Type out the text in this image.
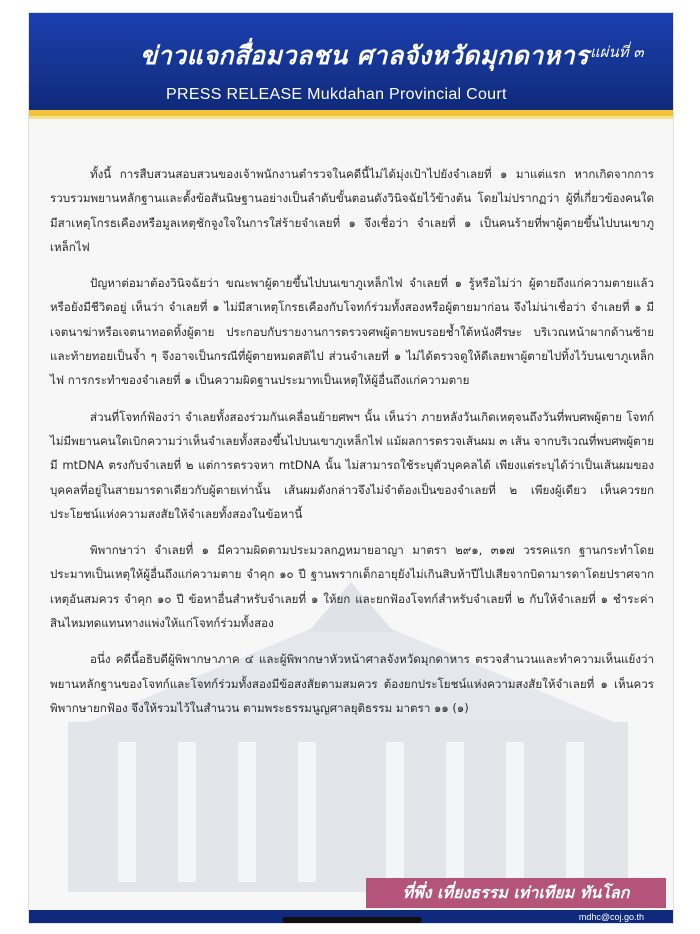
ข่าวแจกสื่อมวลชน ศาลจังหวัดมุกดาหาร แผ่นที่ ๓
PRESS RELEASE Mukdahan Provincial Court

ทั้งนี้ การสืบสวนสอบสวนของเจ้าพนักงานตำรวจในคดีนี้ไม่ได้มุ่งเป้าไปยังจำเลยที่ ๑ มาแต่แรก หากเกิดจากการรวบรวมพยานหลักฐานและตั้งข้อสันนิษฐานอย่างเป็นลำดับขั้นตอนดังวินิจฉัยไว้ข้างต้น โดยไม่ปรากฏว่า ผู้ที่เกี่ยวข้องคนใดมีสาเหตุโกรธเคืองหรือมูลเหตุชักจูงใจในการใส่ร้ายจำเลยที่ ๑ จึงเชื่อว่า จำเลยที่ ๑ เป็นคนร้ายที่พาผู้ตายขึ้นไปบนเขาภูเหล็กไฟ

ปัญหาต่อมาต้องวินิจฉัยว่า ขณะพาผู้ตายขึ้นไปบนเขาภูเหล็กไฟ จำเลยที่ ๑ รู้หรือไม่ว่า ผู้ตายถึงแก่ความตายแล้วหรือยังมีชีวิตอยู่ เห็นว่า จำเลยที่ ๑ ไม่มีสาเหตุโกรธเคืองกับโจทก์ร่วมทั้งสองหรือผู้ตายมาก่อน จึงไม่น่าเชื่อว่า จำเลยที่ ๑ มีเจตนาฆ่าหรือเจตนาทอดทิ้งผู้ตาย ประกอบกับรายงานการตรวจศพผู้ตายพบรอยช้ำใต้หนังศีรษะ บริเวณหน้าผากด้านซ้ายและท้ายทอยเป็นจ้ำ ๆ จึงอาจเป็นกรณีที่ผู้ตายหมดสติไป ส่วนจำเลยที่ ๑ ไม่ได้ตรวจดูให้ดีเลยพาผู้ตายไปทิ้งไว้บนเขาภูเหล็กไฟ การกระทำของจำเลยที่ ๑ เป็นความผิดฐานประมาทเป็นเหตุให้ผู้อื่นถึงแก่ความตาย

ส่วนที่โจทก์ฟ้องว่า จำเลยทั้งสองร่วมกันเคลื่อนย้ายศพฯ นั้น เห็นว่า ภายหลังวันเกิดเหตุจนถึงวันที่พบศพผู้ตาย โจทก์ไม่มีพยานคนใดเบิกความว่าเห็นจำเลยทั้งสองขึ้นไปบนเขาภูเหล็กไฟ แม้ผลการตรวจเส้นผม ๓ เส้น จากบริเวณที่พบศพผู้ตายมี mtDNA ตรงกับจำเลยที่ ๒ แต่การตรวจหา mtDNA นั้น ไม่สามารถใช้ระบุตัวบุคคลได้ เพียงแต่ระบุได้ว่าเป็นเส้นผมของบุคคลที่อยู่ในสายมารดาเดียวกับผู้ตายเท่านั้น เส้นผมดังกล่าวจึงไม่จำต้องเป็นของจำเลยที่ ๒ เพียงผู้เดียว เห็นควรยกประโยชน์แห่งความสงสัยให้จำเลยทั้งสองในข้อหานี้

พิพากษาว่า จำเลยที่ ๑ มีความผิดตามประมวลกฎหมายอาญา มาตรา ๒๙๑, ๓๑๗ วรรคแรก ฐานกระทำโดยประมาทเป็นเหตุให้ผู้อื่นถึงแก่ความตาย จำคุก ๑๐ ปี ฐานพรากเด็กอายุยังไม่เกินสิบห้าปีไปเสียจากบิดามารดาโดยปราศจากเหตุอันสมควร จำคุก ๑๐ ปี ข้อหาอื่นสำหรับจำเลยที่ ๑ ให้ยก และยกฟ้องโจทก์สำหรับจำเลยที่ ๒ กับให้จำเลยที่ ๑ ชำระค่าสินไหมทดแทนทางแพ่งให้แก่โจทก์ร่วมทั้งสอง

อนึ่ง คดีนี้อธิบดีผู้พิพากษาภาค ๔ และผู้พิพากษาหัวหน้าศาลจังหวัดมุกดาหาร ตรวจสำนวนและทำความเห็นแย้งว่าพยานหลักฐานของโจทก์และโจทก์ร่วมทั้งสองมีข้อสงสัยตามสมควร ต้องยกประโยชน์แห่งความสงสัยให้จำเลยที่ ๑ เห็นควรพิพากษายกฟ้อง จึงให้รวมไว้ในสำนวน ตามพระธรรมนูญศาลยุติธรรม มาตรา ๑๑ (๑)

ที่พึ่ง เที่ยงธรรม เท่าเทียม ทันโลก
mdhc@coj.go.th
